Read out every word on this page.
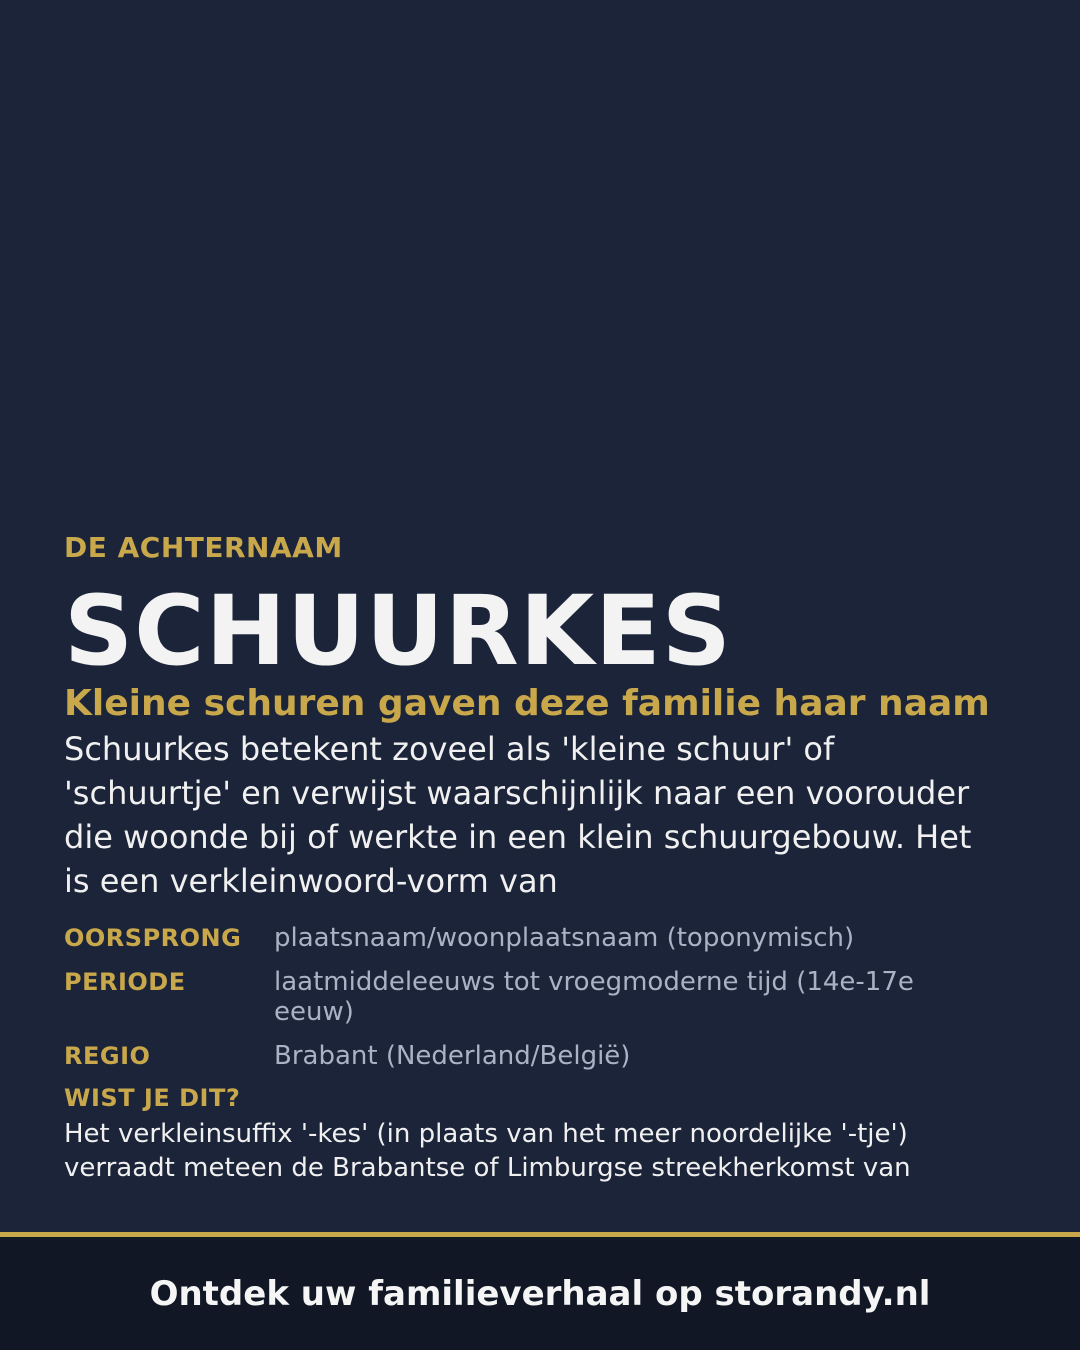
DE ACHTERNAAM
SCHUURKES
Kleine schuren gaven deze familie haar naam
Schuurkes betekent zoveel als 'kleine schuur' of 'schuurtje' en verwijst waarschijnlijk naar een voorouder die woonde bij of werkte in een klein schuurgebouw. Het is een verkleinwoord-vorm van
OORSPRONG	plaatsnaam/woonplaatsnaam (toponymisch)
PERIODE	laatmiddeleeuws tot vroegmoderne tijd (14e-17e eeuw)
REGIO	Brabant (Nederland/België)
WIST JE DIT?
Het verkleinsuffix '-kes' (in plaats van het meer noordelijke '-tje') verraadt meteen de Brabantse of Limburgse streekherkomst van
Ontdek uw familieverhaal op storandy.nl
